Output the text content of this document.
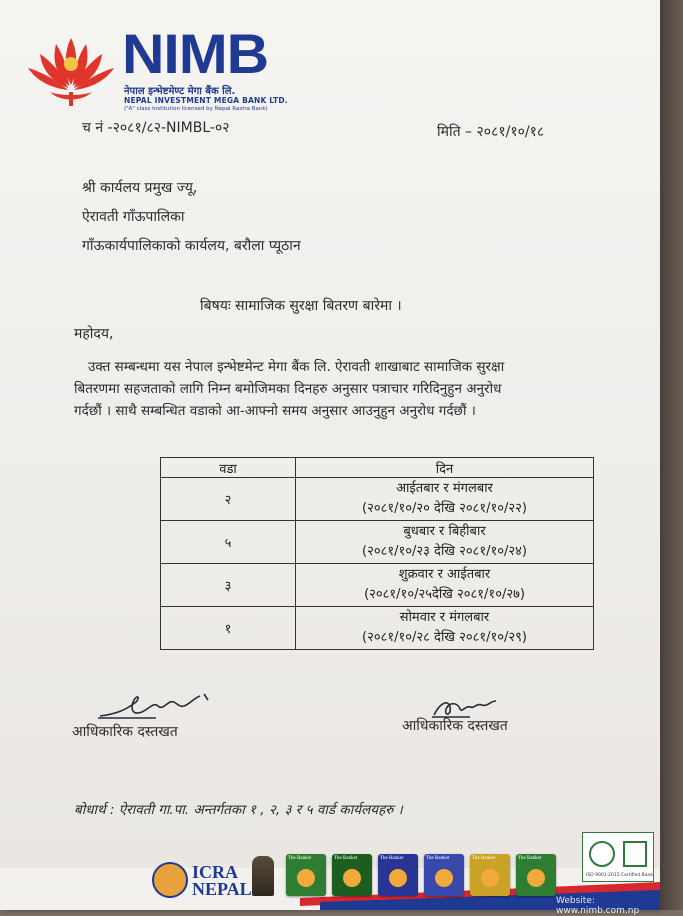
NIMB
नेपाल इन्भेष्टमेण्ट मेगा बैंक लि.
NEPAL INVESTMENT MEGA BANK LTD.
("A" class Institution licensed by Nepal Rastra Bank)
च नं -२०८१/८२-NIMBL-०२	मिति – २०८१/१०/१८
श्री कार्यलय प्रमुख ज्यू,
ऐरावती गाँऊपालिका
गाँऊकार्यपालिकाको कार्यलय, बरौला प्यूठान
बिषयः सामाजिक सुरक्षा बितरण बारेमा ।
महोदय,
उक्त सम्बन्धमा यस नेपाल इन्भेष्टमेन्ट मेगा बैंक लि. ऐरावती शाखाबाट सामाजिक सुरक्षा
बितरणमा सहजताको लागि निम्न बमोजिमका दिनहरु अनुसार पत्राचार गरिदिनुहुन अनुरोध
गर्दछौं । साथै सम्बन्धित वडाको आ-आफ्नो समय अनुसार आउनुहुन अनुरोध गर्दछौं ।
वडा	दिन
२	आईतबार र मंगलबार
(२०८१/१०/२० देखि २०८१/१०/२२)

५	बुधबार र बिहीबार
(२०८१/१०/२३ देखि २०८१/१०/२४)

३	शुक्रवार र आईतबार
(२०८१/१०/२५देखि २०८१/१०/२७)

१	सोमवार र मंगलबार
(२०८१/१०/२८ देखि २०८१/१०/२९)
आधिकारिक दस्तखत	आधिकारिक दस्तखत
बोधार्थ : ऐरावती गा.पा. अन्तर्गतका १ , २, ३ र ५ वार्ड कार्यलयहरु ।
ICRA
NEPAL
The Banker	The Banker	The Banker	The Banker	The Banker	The Banker
ISO 9001:2015 Certified Bank
Website: www.nimb.com.np
